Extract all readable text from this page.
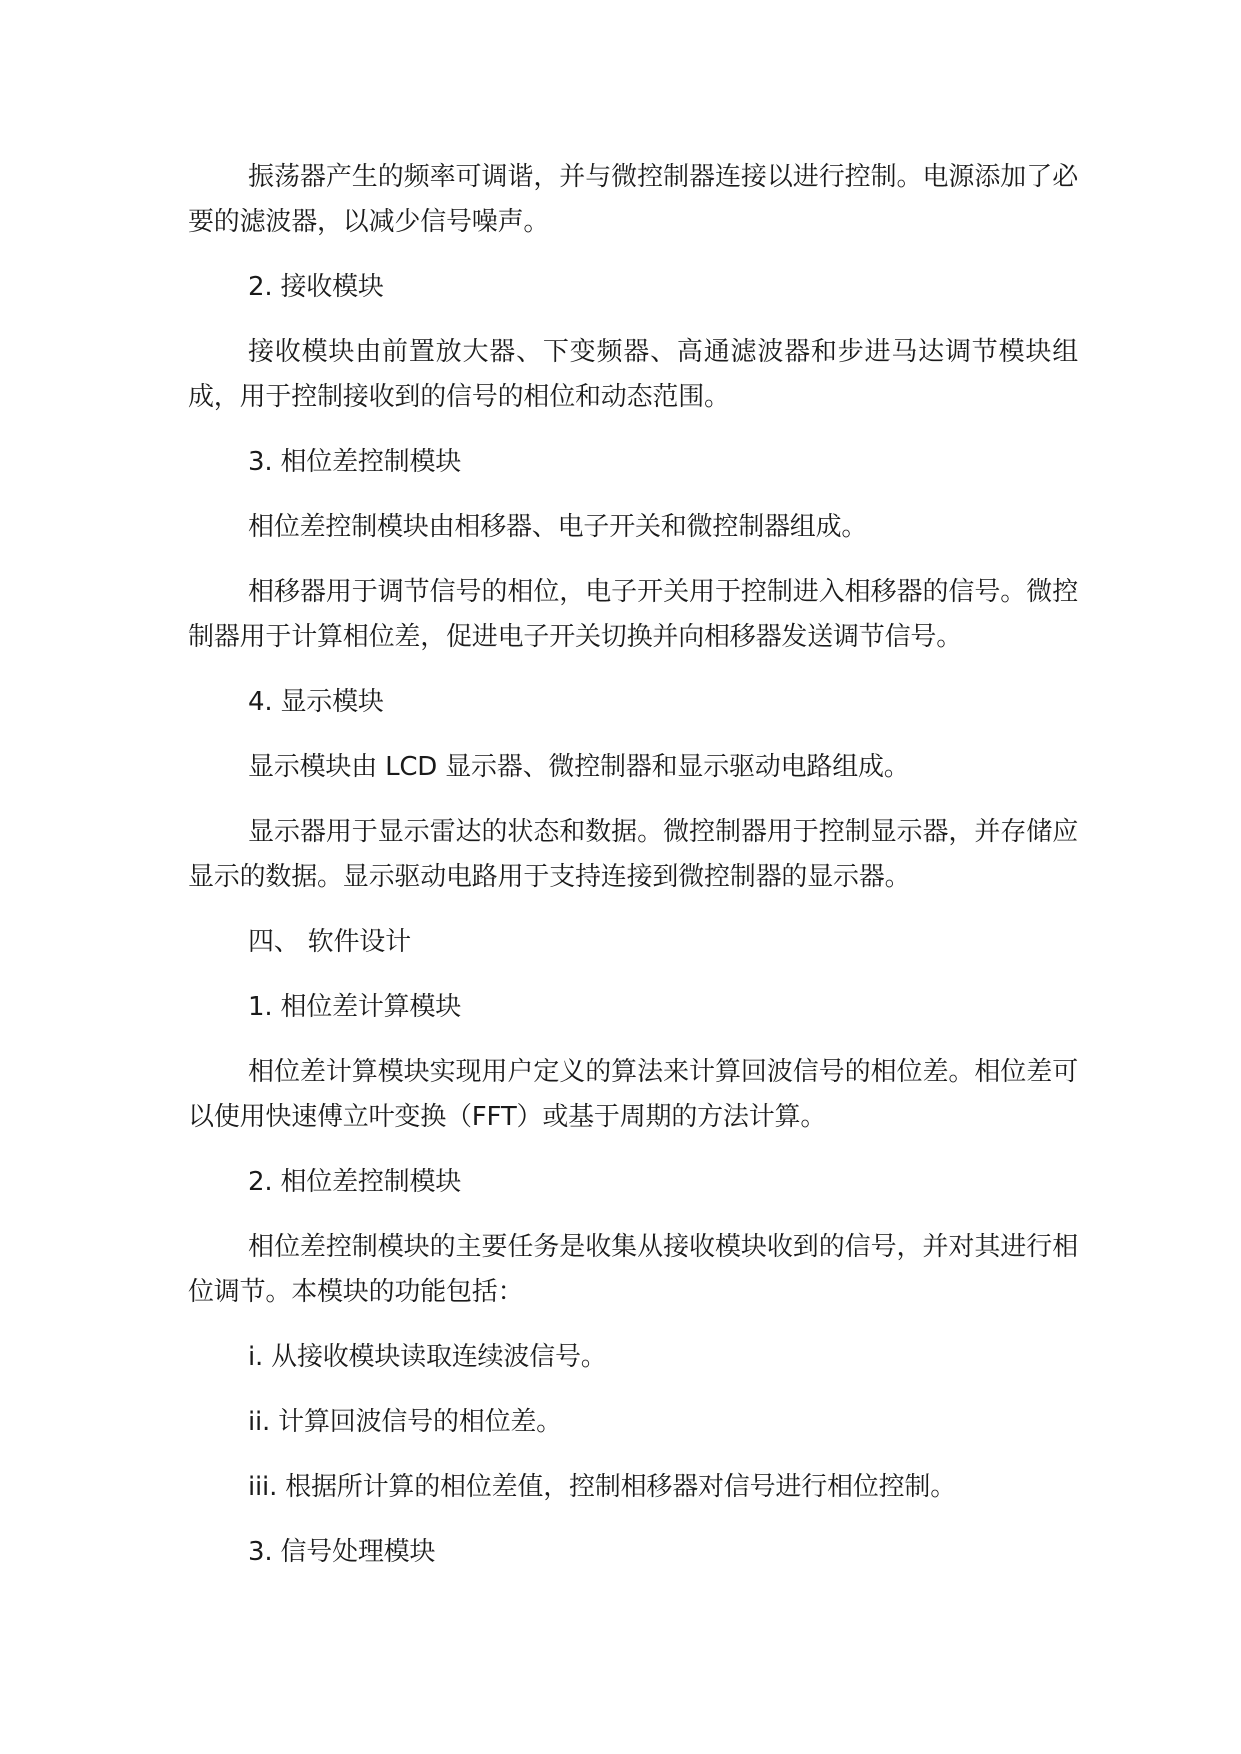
振荡器产生的频率可调谐，并与微控制器连接以进行控制。电源添加了必要的滤波器，以减少信号噪声。

2. 接收模块

接收模块由前置放大器、下变频器、高通滤波器和步进马达调节模块组成，用于控制接收到的信号的相位和动态范围。

3. 相位差控制模块

相位差控制模块由相移器、电子开关和微控制器组成。

相移器用于调节信号的相位，电子开关用于控制进入相移器的信号。微控制器用于计算相位差，促进电子开关切换并向相移器发送调节信号。

4. 显示模块

显示模块由 LCD 显示器、微控制器和显示驱动电路组成。

显示器用于显示雷达的状态和数据。微控制器用于控制显示器，并存储应显示的数据。显示驱动电路用于支持连接到微控制器的显示器。

四、 软件设计

1. 相位差计算模块

相位差计算模块实现用户定义的算法来计算回波信号的相位差。相位差可以使用快速傅立叶变换（FFT）或基于周期的方法计算。

2. 相位差控制模块

相位差控制模块的主要任务是收集从接收模块收到的信号，并对其进行相位调节。本模块的功能包括：

i. 从接收模块读取连续波信号。

ii. 计算回波信号的相位差。

iii. 根据所计算的相位差值，控制相移器对信号进行相位控制。

3. 信号处理模块
